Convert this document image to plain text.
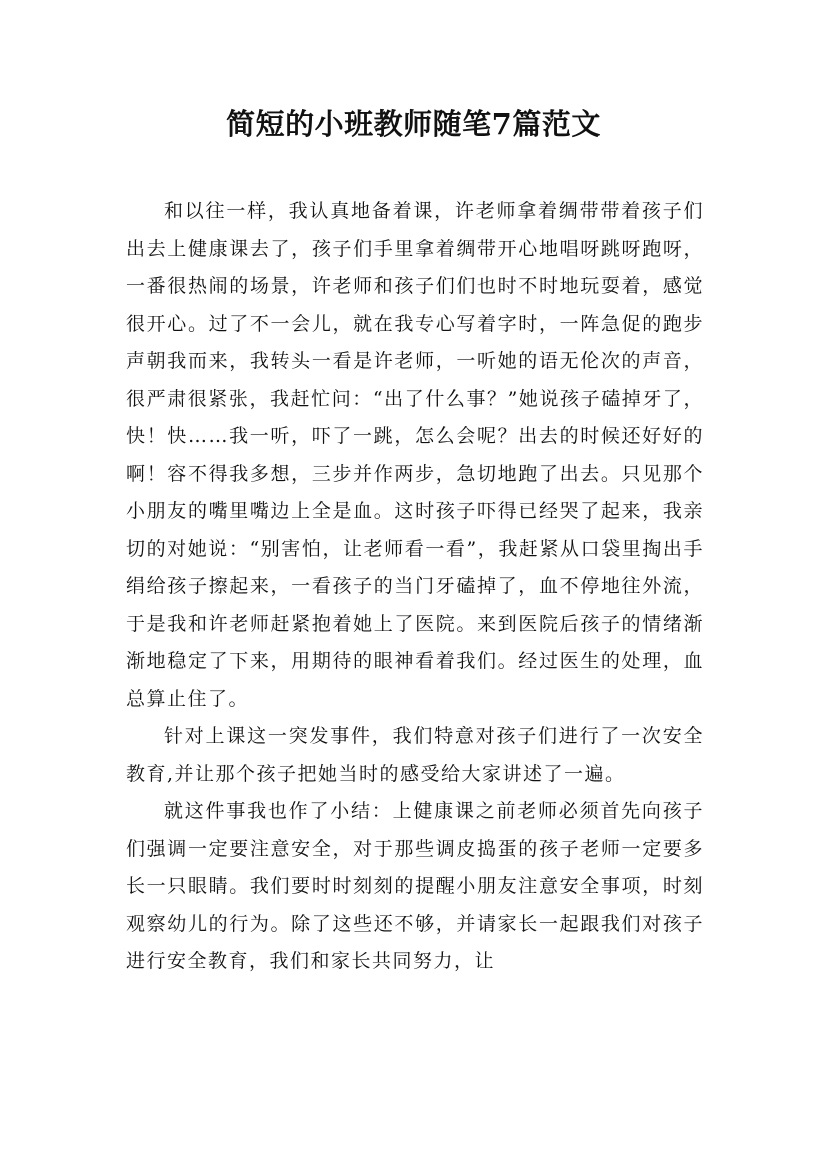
简短的小班教师随笔7篇范文

和以往一样，我认真地备着课，许老师拿着绸带带着孩子们出去上健康课去了，孩子们手里拿着绸带开心地唱呀跳呀跑呀，一番很热闹的场景，许老师和孩子们们也时不时地玩耍着，感觉很开心。过了不一会儿，就在我专心写着字时，一阵急促的跑步声朝我而来，我转头一看是许老师，一听她的语无伦次的声音，很严肃很紧张，我赶忙问：“出了什么事？”她说孩子磕掉牙了，快！快……我一听，吓了一跳，怎么会呢？出去的时候还好好的啊！容不得我多想，三步并作两步，急切地跑了出去。只见那个小朋友的嘴里嘴边上全是血。这时孩子吓得已经哭了起来，我亲切的对她说：“别害怕，让老师看一看”，我赶紧从口袋里掏出手绢给孩子擦起来，一看孩子的当门牙磕掉了，血不停地往外流，于是我和许老师赶紧抱着她上了医院。来到医院后孩子的情绪渐渐地稳定了下来，用期待的眼神看着我们。经过医生的处理，血总算止住了。

针对上课这一突发事件，我们特意对孩子们进行了一次安全教育,并让那个孩子把她当时的感受给大家讲述了一遍。

就这件事我也作了小结：上健康课之前老师必须首先向孩子们强调一定要注意安全，对于那些调皮捣蛋的孩子老师一定要多长一只眼睛。我们要时时刻刻的提醒小朋友注意安全事项，时刻观察幼儿的行为。除了这些还不够，并请家长一起跟我们对孩子进行安全教育，我们和家长共同努力，让
